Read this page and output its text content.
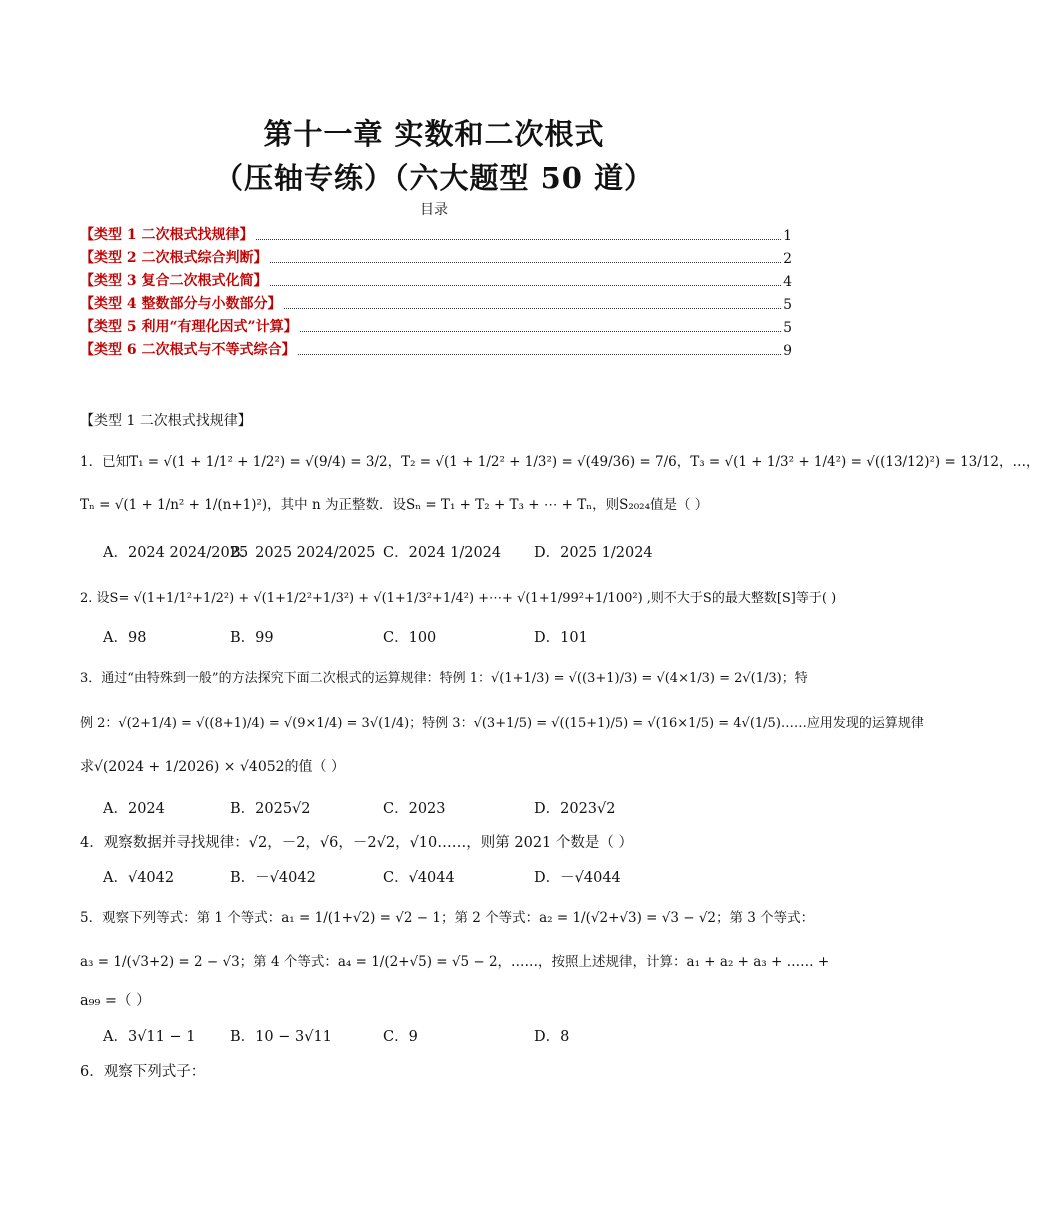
第十一章 实数和二次根式
（压轴专练）（六大题型 50 道）
目录
【类型 1 二次根式找规律】	1
【类型 2 二次根式综合判断】	2
【类型 3 复合二次根式化简】	4
【类型 4 整数部分与小数部分】	5
【类型 5 利用“有理化因式”计算】	5
【类型 6 二次根式与不等式综合】	9
【类型 1 二次根式找规律】
1．已知T₁ = √(1 + 1/1² + 1/2²) = √(9/4) = 3/2，T₂ = √(1 + 1/2² + 1/3²) = √(49/36) = 7/6，T₃ = √(1 + 1/3² + 1/4²) = √((13/12)²) = 13/12，…，
Tₙ = √(1 + 1/n² + 1/(n+1)²)，其中 n 为正整数．设Sₙ = T₁ + T₂ + T₃ + ⋯ + Tₙ，则S₂₀₂₄值是（ ）
A．2024 2024/2025
B．2025 2024/2025 C．2024 1/2024 D．2025 1/2024
2. 设S= √(1+1/1²+1/2²) + √(1+1/2²+1/3²) + √(1+1/3²+1/4²) +⋯+ √(1+1/99²+1/100²) ,则不大于S的最大整数[S]等于( )
A．98	B．99	C．100	D．101
3．通过“由特殊到一般”的方法探究下面二次根式的运算规律：特例 1：√(1+1/3) = √((3+1)/3) = √(4×1/3) = 2√(1/3)；特
例 2：√(2+1/4) = √((8+1)/4) = √(9×1/4) = 3√(1/4)；特例 3：√(3+1/5) = √((15+1)/5) = √(16×1/5) = 4√(1/5)……应用发现的运算规律
求√(2024 + 1/2026) × √4052的值（ ）
A．2024	B．2025√2	C．2023	D．2023√2
4．观察数据并寻找规律：√2，－2，√6，－2√2，√10……，则第 2021 个数是（ ）
A．√4042	B．－√4042	C．√4044	D．－√4044
5．观察下列等式：第 1 个等式：a₁ = 1/(1+√2) = √2 − 1；第 2 个等式：a₂ = 1/(√2+√3) = √3 − √2；第 3 个等式：
a₃ = 1/(√3+2) = 2 − √3；第 4 个等式：a₄ = 1/(2+√5) = √5 − 2，……，按照上述规律，计算：a₁ + a₂ + a₃ + …… +
a₉₉ =（ ）
A．3√11 − 1 B．10 − 3√11	C．9	D．8
6．观察下列式子：
